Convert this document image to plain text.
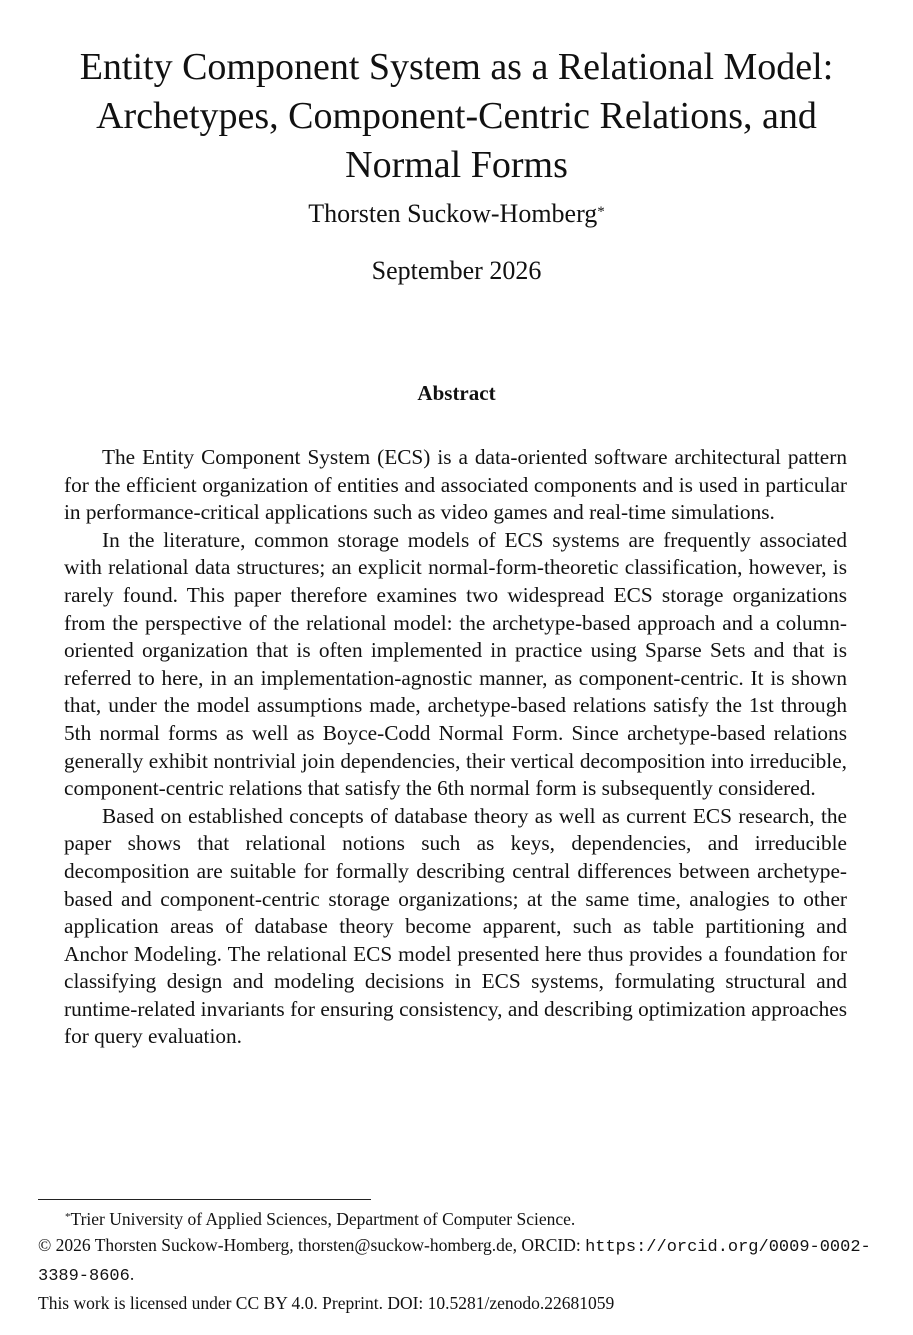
Entity Component System as a Relational Model: Archetypes, Component-Centric Relations, and Normal Forms
Thorsten Suckow-Homberg*
September 2026
Abstract

The Entity Component System (ECS) is a data-oriented software architectural pattern for the efficient organization of entities and associated components and is used in particular in performance-critical applications such as video games and real-time simulations.

In the literature, common storage models of ECS systems are frequently associated with relational data structures; an explicit normal-form-theoretic classification, however, is rarely found. This paper therefore examines two widespread ECS storage organizations from the perspective of the relational model: the archetype-based approach and a column-oriented organization that is often implemented in practice using Sparse Sets and that is referred to here, in an implementation-agnostic manner, as component-centric. It is shown that, under the model assumptions made, archetype-based relations satisfy the 1st through 5th normal forms as well as Boyce-Codd Normal Form. Since archetype-based relations generally exhibit nontrivial join dependencies, their vertical decomposition into irreducible, component-centric relations that satisfy the 6th normal form is subsequently considered.

Based on established concepts of database theory as well as current ECS research, the paper shows that relational notions such as keys, dependencies, and irreducible decomposition are suitable for formally describing central differences between archetype-based and component-centric storage organizations; at the same time, analogies to other application areas of database theory become apparent, such as table partitioning and Anchor Modeling. The relational ECS model presented here thus provides a foundation for classifying design and modeling decisions in ECS systems, formulating structural and runtime-related invariants for ensuring consistency, and describing optimization approaches for query evaluation.

*Trier University of Applied Sciences, Department of Computer Science.
© 2026 Thorsten Suckow-Homberg, thorsten@suckow-homberg.de, ORCID: https://orcid.org/0009-0002-3389-8606.
This work is licensed under CC BY 4.0. Preprint. DOI: 10.5281/zenodo.22681059
